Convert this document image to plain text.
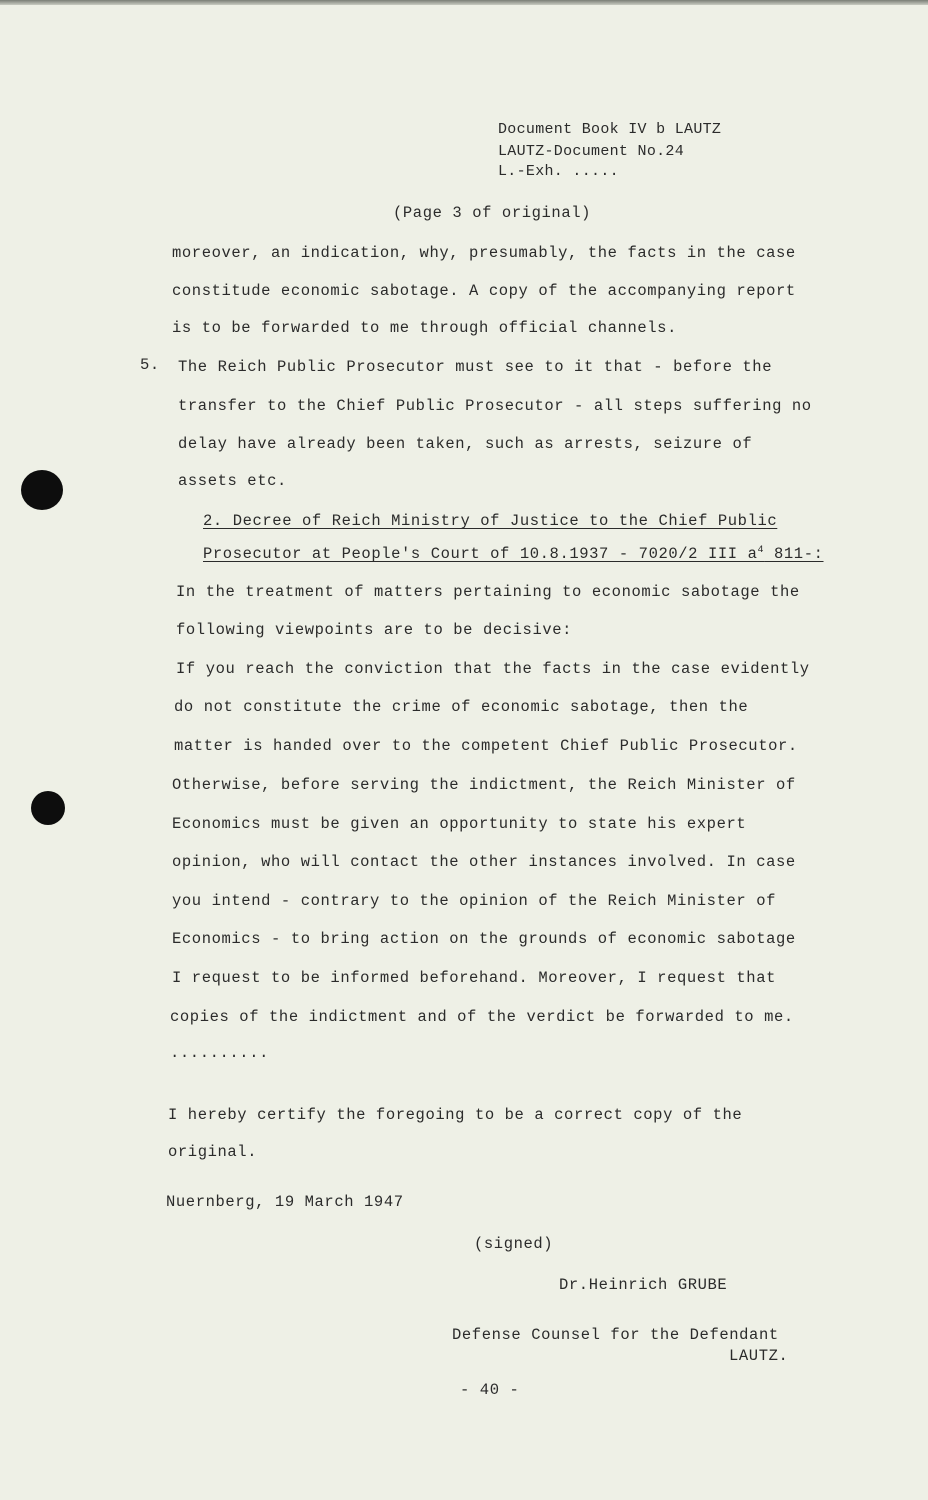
Document Book IV b LAUTZ
LAUTZ-Document No.24
L.-Exh. .....
(Page 3 of original)
moreover, an indication, why, presumably, the facts in the case
constitude economic sabotage. A copy of the accompanying report
is to be forwarded to me through official channels.
5. The Reich Public Prosecutor must see to it that - before the
transfer to the Chief Public Prosecutor - all steps suffering no
delay have already been taken, such as arrests, seizure of
assets etc.
2. Decree of Reich Ministry of Justice to the Chief Public
Prosecutor at People's Court of 10.8.1937 - 7020/2 III $a^4$ 811-:
In the treatment of matters pertaining to economic sabotage the
following viewpoints are to be decisive:
If you reach the conviction that the facts in the case evidently
do not constitute the crime of economic sabotage, then the
matter is handed over to the competent Chief Public Prosecutor.
Otherwise, before serving the indictment, the Reich Minister of
Economics must be given an opportunity to state his expert
opinion, who will contact the other instances involved. In case
you intend - contrary to the opinion of the Reich Minister of
Economics - to bring action on the grounds of economic sabotage
I request to be informed beforehand. Moreover, I request that
copies of the indictment and of the verdict be forwarded to me.
..........
I hereby certify the foregoing to be a correct copy of the
original.
Nuernberg, 19 March 1947
(signed)
Dr.Heinrich GRUBE
Defense Counsel for the Defendant
LAUTZ.
- 40 -
